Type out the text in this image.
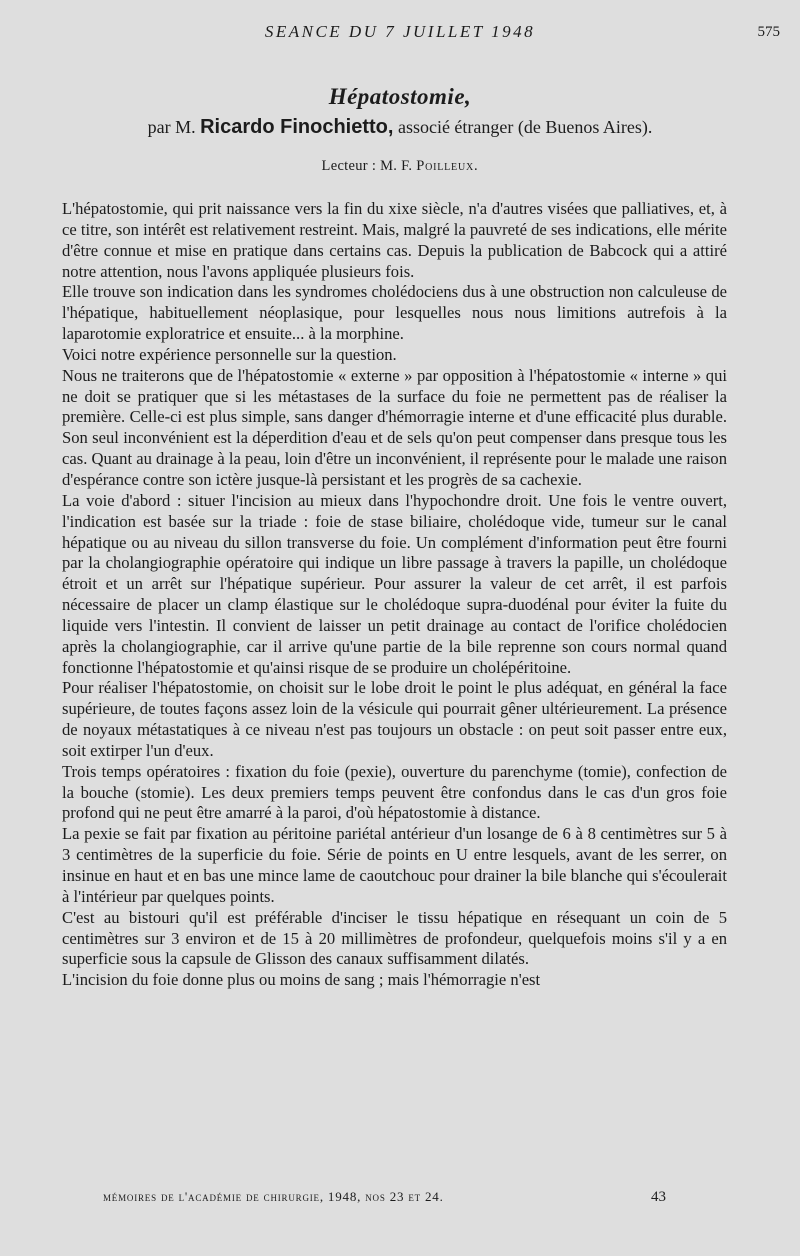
SEANCE DU 7 JUILLET 1948	575
Hépatostomie,
par M. Ricardo Finochietto, associé étranger (de Buenos Aires).
Lecteur : M. F. Poilleux.

L'hépatostomie, qui prit naissance vers la fin du xixe siècle, n'a d'autres visées que palliatives, et, à ce titre, son intérêt est relativement restreint. Mais, malgré la pauvreté de ses indications, elle mérite d'être connue et mise en pratique dans certains cas. Depuis la publication de Babcock qui a attiré notre attention, nous l'avons appliquée plusieurs fois.

Elle trouve son indication dans les syndromes cholédociens dus à une obstruction non calculeuse de l'hépatique, habituellement néoplasique, pour lesquelles nous nous limitions autrefois à la laparotomie exploratrice et ensuite... à la morphine.

Voici notre expérience personnelle sur la question.

Nous ne traiterons que de l'hépatostomie « externe » par opposition à l'hépatostomie « interne » qui ne doit se pratiquer que si les métastases de la surface du foie ne permettent pas de réaliser la première. Celle-ci est plus simple, sans danger d'hémorragie interne et d'une efficacité plus durable. Son seul inconvénient est la déperdition d'eau et de sels qu'on peut compenser dans presque tous les cas. Quant au drainage à la peau, loin d'être un inconvénient, il représente pour le malade une raison d'espérance contre son ictère jusque-là persistant et les progrès de sa cachexie.

La voie d'abord : situer l'incision au mieux dans l'hypochondre droit. Une fois le ventre ouvert, l'indication est basée sur la triade : foie de stase biliaire, cholédoque vide, tumeur sur le canal hépatique ou au niveau du sillon transverse du foie. Un complément d'information peut être fourni par la cholangiographie opératoire qui indique un libre passage à travers la papille, un cholédoque étroit et un arrêt sur l'hépatique supérieur. Pour assurer la valeur de cet arrêt, il est parfois nécessaire de placer un clamp élastique sur le cholédoque supra-duodénal pour éviter la fuite du liquide vers l'intestin. Il convient de laisser un petit drainage au contact de l'orifice cholédocien après la cholangiographie, car il arrive qu'une partie de la bile reprenne son cours normal quand fonctionne l'hépatostomie et qu'ainsi risque de se produire un cholépéritoine.

Pour réaliser l'hépatostomie, on choisit sur le lobe droit le point le plus adéquat, en général la face supérieure, de toutes façons assez loin de la vésicule qui pourrait gêner ultérieurement. La présence de noyaux métastatiques à ce niveau n'est pas toujours un obstacle : on peut soit passer entre eux, soit extirper l'un d'eux.

Trois temps opératoires : fixation du foie (pexie), ouverture du parenchyme (tomie), confection de la bouche (stomie). Les deux premiers temps peuvent être confondus dans le cas d'un gros foie profond qui ne peut être amarré à la paroi, d'où hépatostomie à distance.

La pexie se fait par fixation au péritoine pariétal antérieur d'un losange de 6 à 8 centimètres sur 5 à 3 centimètres de la superficie du foie. Série de points en U entre lesquels, avant de les serrer, on insinue en haut et en bas une mince lame de caoutchouc pour drainer la bile blanche qui s'écoulerait à l'intérieur par quelques points.

C'est au bistouri qu'il est préférable d'inciser le tissu hépatique en résequant un coin de 5 centimètres sur 3 environ et de 15 à 20 millimètres de profondeur, quelquefois moins s'il y a en superficie sous la capsule de Glisson des canaux suffisamment dilatés.

L'incision du foie donne plus ou moins de sang ; mais l'hémorragie n'est

mémoires de l'académie de chirurgie, 1948, nos 23 et 24.	43
